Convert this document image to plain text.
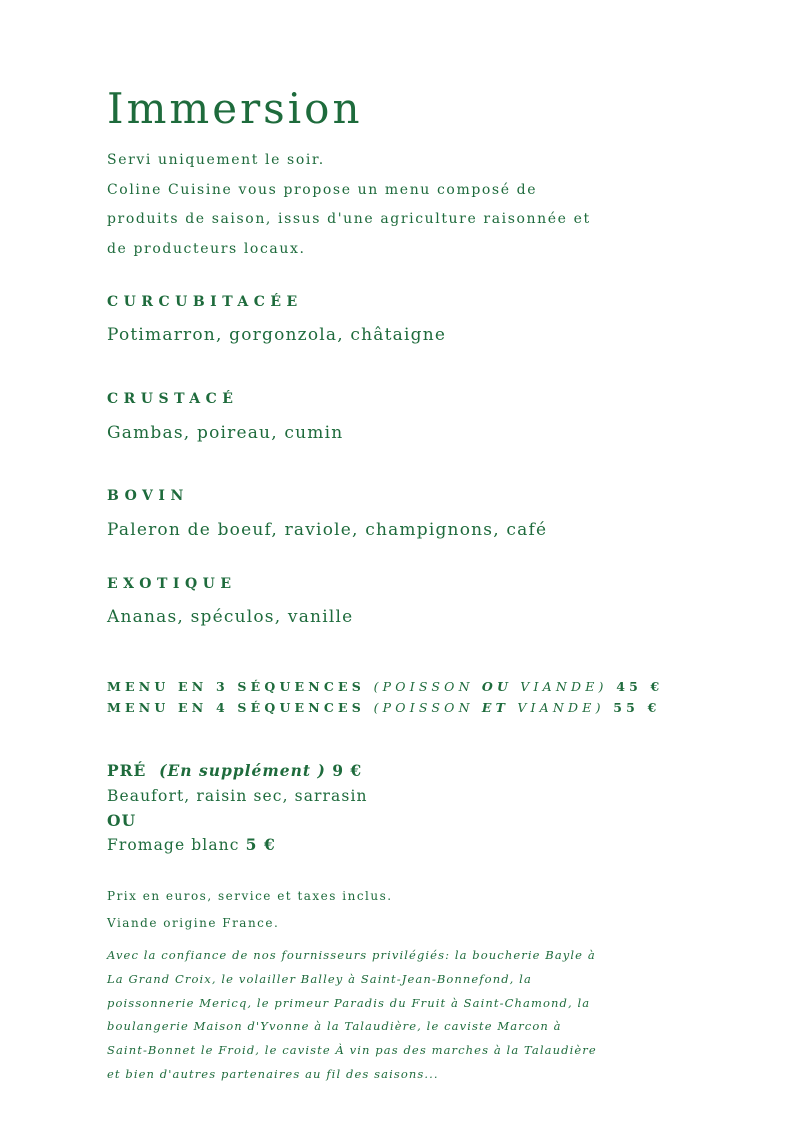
Immersion
Servi uniquement le soir.
Coline Cuisine vous propose un menu composé de
produits de saison, issus d'une agriculture raisonnée et
de producteurs locaux.
CURCUBITACÉE
Potimarron, gorgonzola, châtaigne
CRUSTACÉ
Gambas, poireau, cumin
BOVIN
Paleron de boeuf, raviole, champignons, café
EXOTIQUE
Ananas, spéculos, vanille
MENU EN 3 SÉQUENCES (POISSON OU VIANDE) 45 €
MENU EN 4 SÉQUENCES (POISSON ET VIANDE) 55 €
PRÉ (En supplément ) 9 €
Beaufort, raisin sec, sarrasin
OU
Fromage blanc 5 €
Prix en euros, service et taxes inclus.
Viande origine France.
Avec la confiance de nos fournisseurs privilégiés: la boucherie Bayle à
La Grand Croix, le volailler Balley à Saint-Jean-Bonnefond, la
poissonnerie Mericq, le primeur Paradis du Fruit à Saint-Chamond, la
boulangerie Maison d'Yvonne à la Talaudière, le caviste Marcon à
Saint-Bonnet le Froid, le caviste À vin pas des marches à la Talaudière
et bien d'autres partenaires au fil des saisons...
